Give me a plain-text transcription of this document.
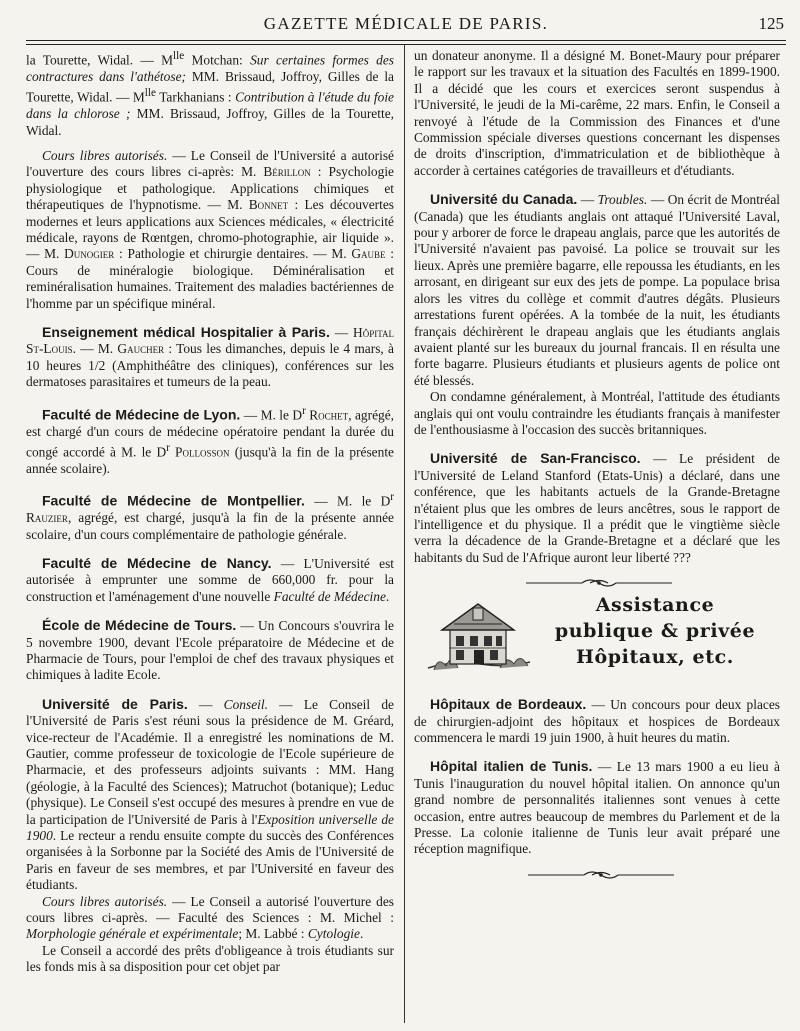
GAZETTE MÉDICALE DE PARIS.	125

la Tourette, Widal. — $M^{lle}$ Motchan: Sur certaines formes des contractures dans l'athétose; MM. Brissaud, Joffroy, Gilles de la Tourette, Widal. — $M^{lle}$ Tarkhanians : Contribution à l'étude du foie dans la chlorose ; MM. Brissaud, Joffroy, Gilles de la Tourette, Widal.

Cours libres autorisés. — Le Conseil de l'Université a autorisé l'ouverture des cours libres ci-après: M. Bérillon : Psychologie physiologique et pathologique. Applications chimiques et thérapeutiques de l'hypnotisme. — M. Bonnet : Les découvertes modernes et leurs applications aux Sciences médicales, « électricité médicale, rayons de Rœntgen, chromo-photographie, air liquide ». — M. Dunogier : Pathologie et chirurgie dentaires. — M. Gaube : Cours de minéralogie biologique. Déminéralisation et reminéralisation humaines. Traitement des maladies bactériennes de l'homme par un spécifique minéral.

Enseignement médical Hospitalier à Paris. — Hôpital St-Louis. — M. Gaucher : Tous les dimanches, depuis le 4 mars, à 10 heures 1/2 (Amphithéâtre des cliniques), conférences sur les dermatoses parasitaires et tumeurs de la peau.

Faculté de Médecine de Lyon. — M. le $D^r$ Rochet, agrégé, est chargé d'un cours de médecine opératoire pendant la durée du congé accordé à M. le $D^r$ Pollosson (jusqu'à la fin de la présente année scolaire).

Faculté de Médecine de Montpellier. — M. le $D^r$ Rauzier, agrégé, est chargé, jusqu'à la fin de la présente année scolaire, d'un cours complémentaire de pathologie générale.

Faculté de Médecine de Nancy. — L'Université est autorisée à emprunter une somme de 660,000 fr. pour la construction et l'aménagement d'une nouvelle Faculté de Médecine.

École de Médecine de Tours. — Un Concours s'ouvrira le 5 novembre 1900, devant l'Ecole préparatoire de Médecine et de Pharmacie de Tours, pour l'emploi de chef des travaux physiques et chimiques à ladite Ecole.

Université de Paris. — Conseil. — Le Conseil de l'Université de Paris s'est réuni sous la présidence de M. Gréard, vice-recteur de l'Académie. Il a enregistré les nominations de M. Gautier, comme professeur de toxicologie de l'Ecole supérieure de Pharmacie, et des professeurs adjoints suivants : MM. Hang (géologie, à la Faculté des Sciences); Matruchot (botanique); Leduc (physique). Le Conseil s'est occupé des mesures à prendre en vue de la participation de l'Université de Paris à l'Exposition universelle de 1900. Le recteur a rendu ensuite compte du succès des Conférences organisées à la Sorbonne par la Société des Amis de l'Université de Paris en faveur de ses membres, et par l'Université en faveur des étudiants.

Cours libres autorisés. — Le Conseil a autorisé l'ouverture des cours libres ci-après. — Faculté des Sciences : M. Michel : Morphologie générale et expérimentale; M. Labbé : Cytologie.

Le Conseil a accordé des prêts d'obligeance à trois étudiants sur les fonds mis à sa disposition pour cet objet par

un donateur anonyme. Il a désigné M. Bonet-Maury pour préparer le rapport sur les travaux et la situation des Facultés en 1899-1900. Il a décidé que les cours et exercices seront suspendus à l'Université, le jeudi de la Mi-carême, 22 mars. Enfin, le Conseil a renvoyé à l'étude de la Commission des Finances et d'une Commission spéciale diverses questions concernant les dispenses de droits d'inscription, d'immatriculation et de bibliothèque à accorder à certaines catégories de travailleurs et d'étudiants.

Université du Canada. — Troubles. — On écrit de Montréal (Canada) que les étudiants anglais ont attaqué l'Université Laval, pour y arborer de force le drapeau anglais, parce que les autorités de l'Université n'avaient pas pavoisé. La police se trouvait sur les lieux. Après une première bagarre, elle repoussa les étudiants, en les arrosant, en dirigeant sur eux des jets de pompe. La populace brisa alors les vitres du collège et commit d'autres dégâts. Plusieurs arrestations furent opérées. A la tombée de la nuit, les étudiants français déchirèrent le drapeau anglais que les étudiants anglais avaient planté sur les bureaux du journal francais. Il en résulta une forte bagarre. Plusieurs étudiants et plusieurs agents de police ont été blessés.

On condamne généralement, à Montréal, l'attitude des étudiants anglais qui ont voulu contraindre les étudiants français à manifester de l'enthousiasme à l'occasion des succès britanniques.

Université de San-Francisco. — Le président de l'Université de Leland Stanford (Etats-Unis) a déclaré, dans une conférence, que les habitants actuels de la Grande-Bretagne n'étaient plus que les ombres de leurs ancêtres, sous le rapport de l'intelligence et du physique. Il a prédit que le vingtième siècle verra la décadence de la Grande-Bretagne et a déclaré que les habitants du Sud de l'Afrique auront leur liberté ???

Assistance
publique & privée
Hôpitaux, etc.

Hôpitaux de Bordeaux. — Un concours pour deux places de chirurgien-adjoint des hôpitaux et hospices de Bordeaux commencera le mardi 19 juin 1900, à huit heures du matin.

Hôpital italien de Tunis. — Le 13 mars 1900 a eu lieu à Tunis l'inauguration du nouvel hôpital italien. On annonce qu'un grand nombre de personnalités italiennes sont venues à cette occasion, entre autres beaucoup de membres du Parlement et de la Presse. La colonie italienne de Tunis leur avait préparé une réception magnifique.
